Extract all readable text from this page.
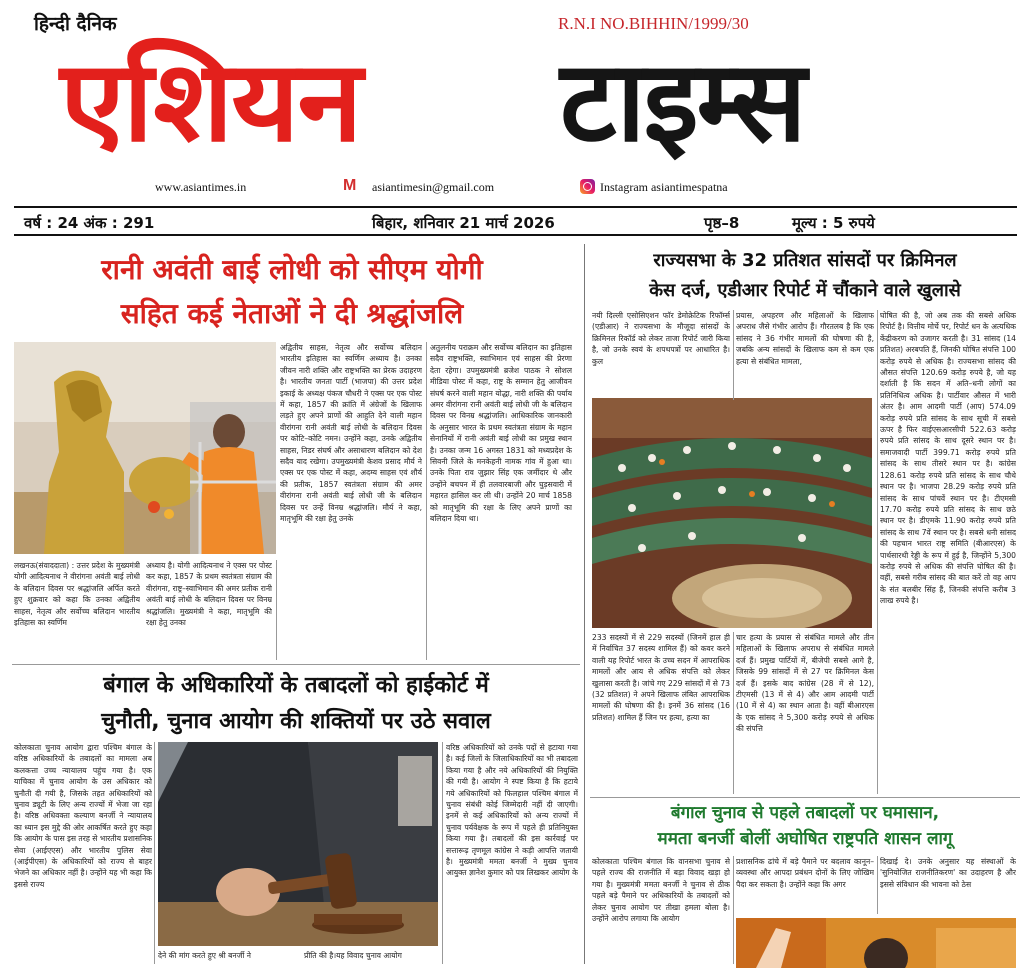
हिन्दी दैनिक	R.N.I NO.BIHHIN/1999/30
एशियन टाइम्स
www.asiantimes.in	M asiantimesin@gmail.com	Instagram asiantimespatna
वर्ष : 24 अंक : 291	बिहार, शनिवार 21 मार्च 2026	पृष्ठ–8	मूल्य : 5 रुपये
रानी अवंती बाई लोधी को सीएम योगी
सहित कई नेताओं ने दी श्रद्धांजलि
लखनऊ(संवाददाता) : उत्तर प्रदेश के मुख्यमंत्री योगी आदित्यनाथ ने वीरांगना अवंती बाई लोधी के बलिदान दिवस पर श्रद्धांजलि अर्पित करते हुए शुक्रवार को कहा कि उनका अद्वितीय साहस, नेतृत्व और सर्वोच्च बलिदान भारतीय इतिहास का स्वर्णिम
अध्याय है। योगी आदित्यनाथ ने एक्स पर पोस्ट कर कहा, 1857 के प्रथम स्वतंत्रता संग्राम की वीरांगना, राष्ट्र–स्वाभिमान की अमर प्रतीक रानी अवंती बाई लोधी के बलिदान दिवस पर विनम्र श्रद्धांजलि। मुख्यमंत्री ने कहा, मातृभूमि की रक्षा हेतु उनका
अद्वितीय साहस, नेतृत्व और सर्वोच्च बलिदान भारतीय इतिहास का स्वर्णिम अध्याय है। उनका जीवन नारी शक्ति और राष्ट्रभक्ति का प्रेरक उदाहरण है। भारतीय जनता पार्टी (भाजपा) की उत्तर प्रदेश इकाई के अध्यक्ष पंकज चौधरी ने एक्स पर एक पोस्ट में कहा, 1857 की क्रांति में अंग्रेजों के खिलाफ लड़ते हुए अपने प्राणों की आहुति देने वाली महान वीरांगना रानी अवंती बाई लोधी के बलिदान दिवस पर कोटि–कोटि नमन। उन्होंने कहा, उनके अद्वितीय साहस, निडर संघर्ष और असाधारण बलिदान को देश सदैव याद रखेगा। उपमुख्यमंत्री केशव प्रसाद मौर्य ने एक्स पर एक पोस्ट में कहा, अदम्य साहस एवं शौर्य की प्रतीक, 1857 स्वतंत्रता संग्राम की अमर वीरांगना रानी अवंती बाई लोधी जी के बलिदान दिवस पर उन्हें विनम्र श्रद्धांजलि। मौर्य ने कहा, मातृभूमि की रक्षा हेतु उनके
अतुलनीय पराक्रम और सर्वोच्च बलिदान का इतिहास सदैव राष्ट्रभक्ति, स्वाभिमान एवं साहस की प्रेरणा देता रहेगा। उपमुख्यमंत्री ब्रजेश पाठक ने सोशल मीडिया पोस्ट में कहा, राष्ट्र के सम्मान हेतु आजीवन संघर्ष करने वाली महान योद्धा, नारी शक्ति की पर्याय अमर वीरांगना रानी अवंती बाई लोधी जी के बलिदान दिवस पर विनम्र श्रद्धांजलि। आधिकारिक जानकारी के अनुसार भारत के प्रथम स्वतंत्रता संग्राम के महान सेनानियों में रानी अवंती बाई लोधी का प्रमुख स्थान है। उनका जन्म 16 अगस्त 1831 को मध्यप्रदेश के सिवनी जिले के मनकेहनी नामक गांव में हुआ था। उनके पिता राव जुझार सिंह एक जमींदार थे और उन्होंने बचपन में ही तलवारबाजी और घुड़सवारी में महारत हासिल कर ली थी। उन्होंने 20 मार्च 1858 को मातृभूमि की रक्षा के लिए अपने प्राणों का बलिदान दिया था।
बंगाल के अधिकारियों के तबादलों को हाईकोर्ट में
चुनौती, चुनाव आयोग की शक्तियों पर उठे सवाल
कोलकाता चुनाव आयोग द्वारा पश्चिम बंगाल के वरिष्ठ अधिकारियों के तबादलों का मामला अब कलकत्ता उच्च न्यायालय पहुंच गया है। एक याचिका में चुनाव आयोग के उस अधिकार को चुनौती दी गयी है, जिसके तहत अधिकारियों को चुनाव ड्यूटी के लिए अन्य राज्यों में भेजा जा रहा है। वरिष्ठ अधिवक्ता कल्याण बनर्जी ने न्यायालय का ध्यान इस मुद्दे की ओर आकर्षित करते हुए कहा कि आयोग के पास इस तरह से भारतीय प्रशासनिक सेवा (आईएएस) और भारतीय पुलिस सेवा (आईपीएस) के अधिकारियों को राज्य से बाहर भेजने का अधिकार नहीं है। उन्होंने यह भी कहा कि इससे राज्य
देने की मांग करते हुए श्री बनर्जी ने	प्रीति की है।यह विवाद चुनाव आयोग
वरिष्ठ अधिकारियों को उनके पदों से हटाया गया है। कई जिलों के जिलाधिकारियों का भी तबादला किया गया है और नये अधिकारियों की नियुक्ति की गयी है। आयोग ने स्पष्ट किया है कि हटाये गये अधिकारियों को फिलहाल पश्चिम बंगाल में चुनाव संबंधी कोई जिम्मेदारी नहीं दी जाएगी। इनमें से कई अधिकारियों को अन्य राज्यों में चुनाव पर्यवेक्षक के रूप में पहले ही प्रतिनियुक्त किया गया है। तबादलों की इस कार्रवाई पर सत्तारूढ़ तृणमूल कांग्रेस ने कड़ी आपत्ति जतायी है। मुख्यमंत्री ममता बनर्जी ने मुख्य चुनाव आयुक्त ज्ञानेश कुमार को पत्र लिखकर आयोग के
राज्यसभा के 32 प्रतिशत सांसदों पर क्रिमिनल
केस दर्ज, एडीआर रिपोर्ट में चौंकाने वाले खुलासे
नयी दिल्ली एसोसिएशन फॉर डेमोक्रेटिक रिफॉर्म्स (एडीआर) ने राज्यसभा के मौजूदा सांसदों के क्रिमिनल रिकॉर्ड को लेकर ताजा रिपोर्ट जारी किया है, जो उनके स्वयं के शपथपत्रों पर आधारित है। कुल
प्रयास, अपहरण और महिलाओं के खिलाफ अपराध जैसे गंभीर आरोप हैं। गौरतलब है कि एक सांसद ने 36 गंभीर मामलों की घोषणा की है, जबकि अन्य सांसदों के खिलाफ कम से कम एक हत्या से संबंधित मामला,
घोषित की है, जो अब तक की सबसे अधिक रिपोर्ट है। वित्तीय मोर्चे पर, रिपोर्ट धन के अत्यधिक केंद्रीकरण को उजागर करती है। 31 सांसद (14 प्रतिशत) अरबपति हैं, जिनकी घोषित संपत्ति 100 करोड़ रुपये से अधिक है। राज्यसभा सांसद की औसत संपत्ति 120.69 करोड़ रुपये है, जो यह दर्शाती है कि सदन में अति–धनी लोगों का प्रतिनिधित्व अधिक है। पार्टीवार औसत में भारी अंतर है। आम आदमी पार्टी (आप) 574.09 करोड़ रुपये प्रति सांसद के साथ सूची में सबसे ऊपर है फिर वाईएसआरसीपी 522.63 करोड़ रुपये प्रति सांसद के साथ दूसरे स्थान पर है। समाजवादी पार्टी 399.71 करोड़ रुपये प्रति सांसद के साथ तीसरे स्थान पर है। कांग्रेस 128.61 करोड़ रुपये प्रति सांसद के साथ चौथे स्थान पर है। भाजपा 28.29 करोड़ रुपये प्रति सांसद के साथ पांचवें स्थान पर है। टीएमसी 17.70 करोड़ रुपये प्रति सांसद के साथ छठे स्थान पर है। डीएमके 11.90 करोड़ रुपये प्रति सांसद के साथ 7वें स्थान पर है। सबसे धनी सांसद की पहचान भारत राष्ट्र समिति (बीआरएस) के पार्थसारथी रेड्डी के रूप में हुई है, जिन्होंने 5,300 करोड़ रुपये से अधिक की संपत्ति घोषित की है। वहीं, सबसे गरीब सांसद की बात करें तो वह आप के संत बलबीर सिंह हैं, जिनकी संपत्ति करीब 3 लाख रुपये है।
233 सदस्यों में से 229 सदस्यों (जिनमें हाल ही में निर्वाचित 37 सदस्य शामिल हैं) को कवर करने वाली यह रिपोर्ट भारत के उच्च सदन में आपराधिक मामलों और आय से अधिक संपत्ति को लेकर खुलासा करती है। जांचे गए 229 सांसदों में से 73 (32 प्रतिशत) ने अपने खिलाफ लंबित आपराधिक मामलों की घोषणा की है। इनमें 36 सांसद (16 प्रतिशत) शामिल हैं जिन पर हत्या, हत्या का
चार हत्या के प्रयास से संबंधित मामले और तीन महिलाओं के खिलाफ अपराध से संबंधित मामले दर्ज हैं। प्रमुख पार्टियों में, बीजेपी सबसे आगे है, जिसके 99 सांसदों में से 27 पर क्रिमिनल केस दर्ज हैं। इसके बाद कांग्रेस (28 में से 12), टीएमसी (13 में से 4) और आम आदमी पार्टी (10 में से 4) का स्थान आता है। वहीं बीआरएस के एक सांसद ने 5,300 करोड़ रुपये से अधिक की संपत्ति
बंगाल चुनाव से पहले तबादलों पर घमासान,
ममता बनर्जी बोलीं अघोषित राष्ट्रपति शासन लागू
कोलकाता पश्चिम बंगाल कि वानसभा चुनाव से पहले राज्य की राजनीति में बड़ा विवाद खड़ा हो गया है। मुख्यमंत्री ममता बनर्जी ने चुनाव से ठीक पहले बड़े पैमाने पर अधिकारियों के तबादलों को लेकर चुनाव आयोग पर तीखा हमला बोला है। उन्होंने आरोप लगाया कि आयोग
प्रशासनिक ढांचे में बड़े पैमाने पर बदलाव कानून–व्यवस्था और आपदा प्रबंधन दोनों के लिए जोखिम पैदा कर सकता है। उन्होंने कहा कि अगर
दिखाई दे। उनके अनुसार यह संस्थाओं के 'सुनियोजित राजनीतिकरण' का उदाहरण है और इससे संविधान की भावना को ठेस
